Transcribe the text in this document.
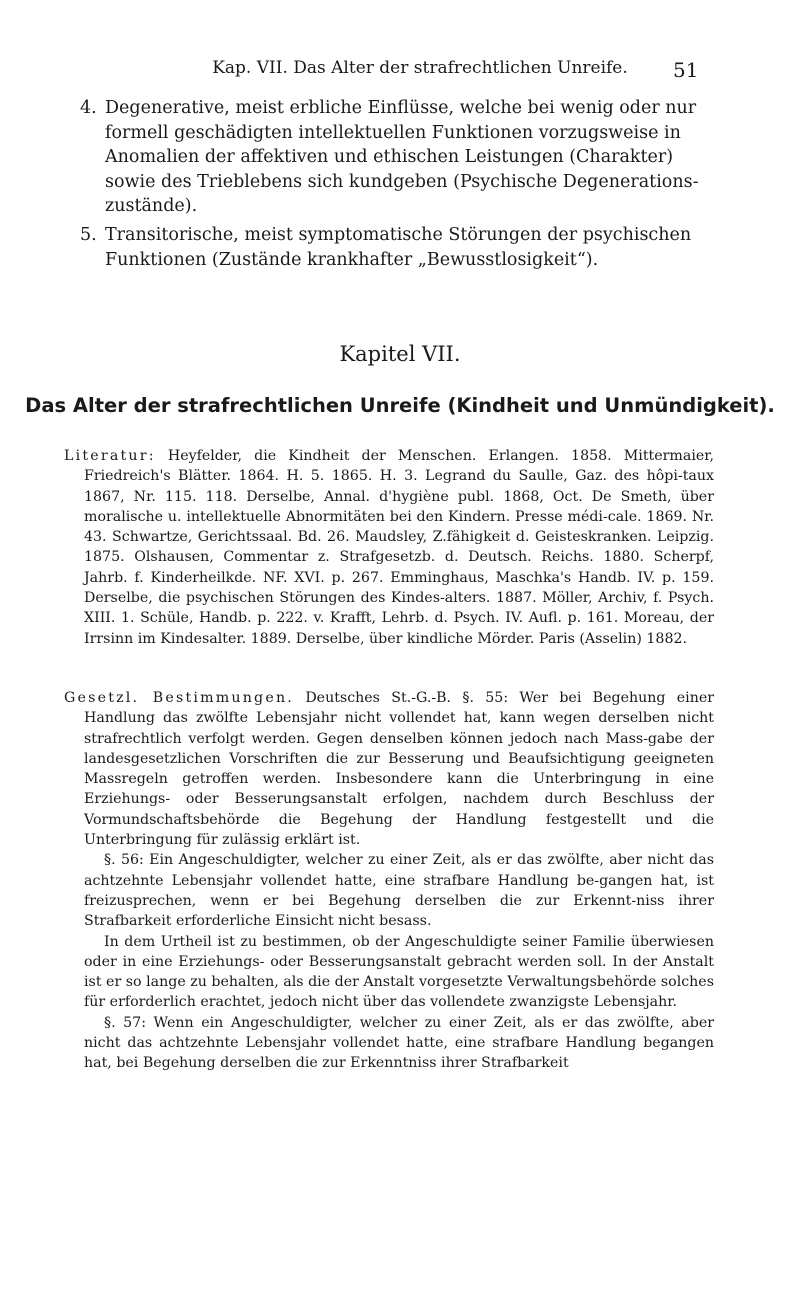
Kap. VII. Das Alter der strafrechtlichen Unreife. 51

4. Degenerative, meist erbliche Einflüsse, welche bei wenig oder nur formell geschädigten intellektuellen Funktionen vorzugsweise in Anomalien der affektiven und ethischen Leistungen (Charakter) sowie des Trieblebens sich kundgeben (Psychische Degenerations-zustände).

5. Transitorische, meist symptomatische Störungen der psychischen Funktionen (Zustände krankhafter „Bewusstlosigkeit“).

Kapitel VII.
Das Alter der strafrechtlichen Unreife (Kindheit und Unmündigkeit).

Literatur: Heyfelder, die Kindheit der Menschen. Erlangen. 1858. Mittermaier, Friedreich's Blätter. 1864. H. 5. 1865. H. 3. Legrand du Saulle, Gaz. des hôpi-taux 1867, Nr. 115. 118. Derselbe, Annal. d'hygiène publ. 1868, Oct. De Smeth, über moralische u. intellektuelle Abnormitäten bei den Kindern. Presse médi-cale. 1869. Nr. 43. Schwartze, Gerichtssaal. Bd. 26. Maudsley, Z.fähigkeit d. Geisteskranken. Leipzig. 1875. Olshausen, Commentar z. Strafgesetzb. d. Deutsch. Reichs. 1880. Scherpf, Jahrb. f. Kinderheilkde. NF. XVI. p. 267. Emminghaus, Maschka's Handb. IV. p. 159. Derselbe, die psychischen Störungen des Kindes-alters. 1887. Möller, Archiv, f. Psych. XIII. 1. Schüle, Handb. p. 222. v. Krafft, Lehrb. d. Psych. IV. Aufl. p. 161. Moreau, der Irrsinn im Kindesalter. 1889. Derselbe, über kindliche Mörder. Paris (Asselin) 1882.

Gesetzl. Bestimmungen. Deutsches St.-G.-B. §. 55: Wer bei Begehung einer Handlung das zwölfte Lebensjahr nicht vollendet hat, kann wegen derselben nicht strafrechtlich verfolgt werden. Gegen denselben können jedoch nach Mass-gabe der landesgesetzlichen Vorschriften die zur Besserung und Beaufsichtigung geeigneten Massregeln getroffen werden. Insbesondere kann die Unterbringung in eine Erziehungs- oder Besserungsanstalt erfolgen, nachdem durch Beschluss der Vormundschaftsbehörde die Begehung der Handlung festgestellt und die Unterbringung für zulässig erklärt ist.

§. 56: Ein Angeschuldigter, welcher zu einer Zeit, als er das zwölfte, aber nicht das achtzehnte Lebensjahr vollendet hatte, eine strafbare Handlung be-gangen hat, ist freizusprechen, wenn er bei Begehung derselben die zur Erkennt-niss ihrer Strafbarkeit erforderliche Einsicht nicht besass.

In dem Urtheil ist zu bestimmen, ob der Angeschuldigte seiner Familie überwiesen oder in eine Erziehungs- oder Besserungsanstalt gebracht werden soll. In der Anstalt ist er so lange zu behalten, als die der Anstalt vorgesetzte Verwaltungsbehörde solches für erforderlich erachtet, jedoch nicht über das vollendete zwanzigste Lebensjahr.

§. 57: Wenn ein Angeschuldigter, welcher zu einer Zeit, als er das zwölfte, aber nicht das achtzehnte Lebensjahr vollendet hatte, eine strafbare Handlung begangen hat, bei Begehung derselben die zur Erkenntniss ihrer Strafbarkeit
